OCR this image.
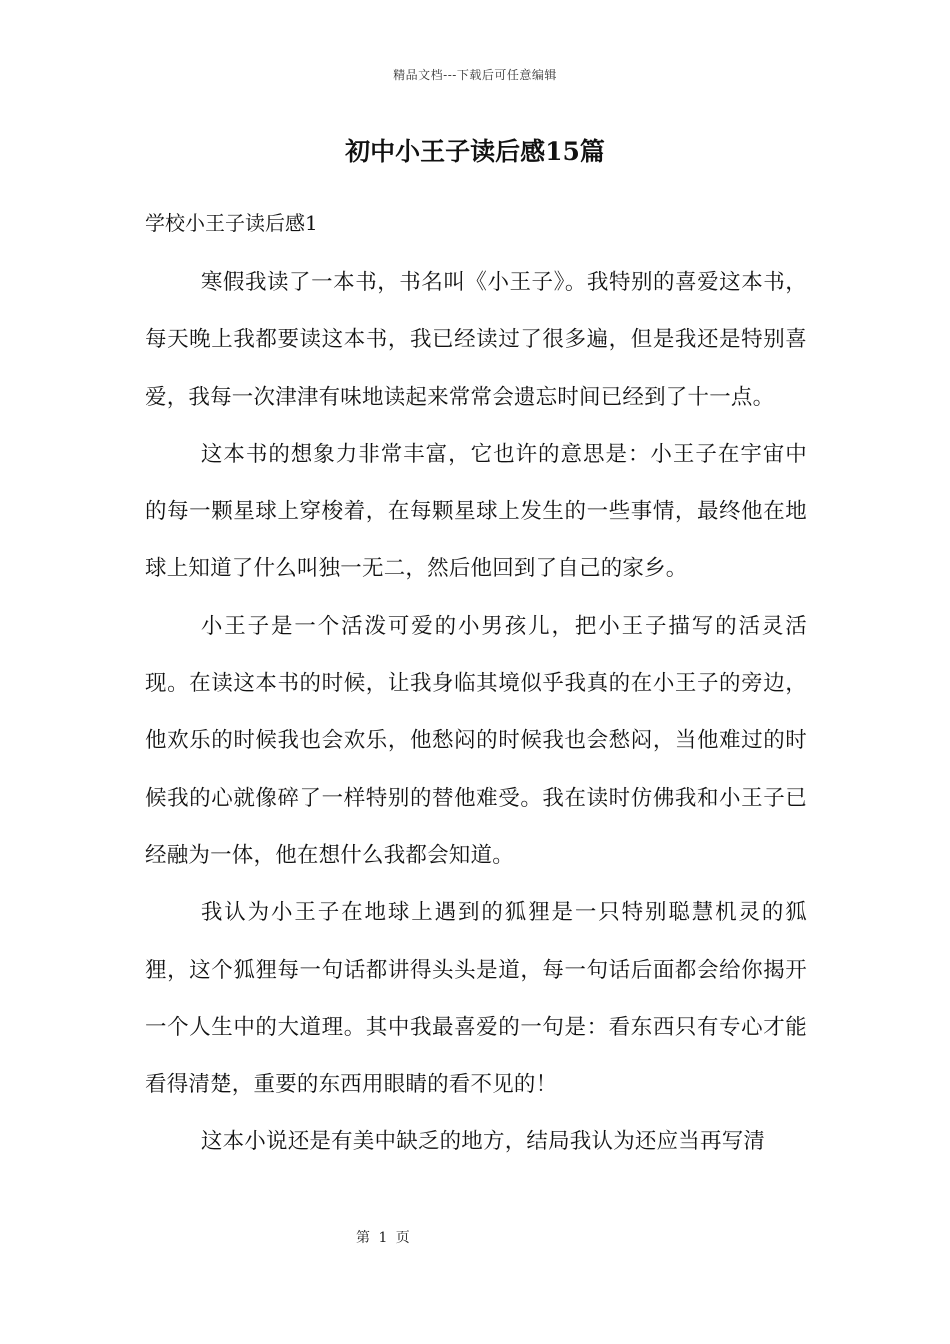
精品文档---下载后可任意编辑
初中小王子读后感15篇

学校小王子读后感1

寒假我读了一本书，书名叫《小王子》。我特别的喜爱这本书，每天晚上我都要读这本书，我已经读过了很多遍，但是我还是特别喜爱，我每一次津津有味地读起来常常会遗忘时间已经到了十一点。

这本书的想象力非常丰富，它也许的意思是：小王子在宇宙中的每一颗星球上穿梭着，在每颗星球上发生的一些事情，最终他在地球上知道了什么叫独一无二，然后他回到了自己的家乡。

小王子是一个活泼可爱的小男孩儿，把小王子描写的活灵活现。在读这本书的时候，让我身临其境似乎我真的在小王子的旁边，他欢乐的时候我也会欢乐，他愁闷的时候我也会愁闷，当他难过的时候我的心就像碎了一样特别的替他难受。我在读时仿佛我和小王子已经融为一体，他在想什么我都会知道。

我认为小王子在地球上遇到的狐狸是一只特别聪慧机灵的狐狸，这个狐狸每一句话都讲得头头是道，每一句话后面都会给你揭开一个人生中的大道理。其中我最喜爱的一句是：看东西只有专心才能看得清楚，重要的东西用眼睛的看不见的！

这本小说还是有美中缺乏的地方，结局我认为还应当再写清

第 1 页
